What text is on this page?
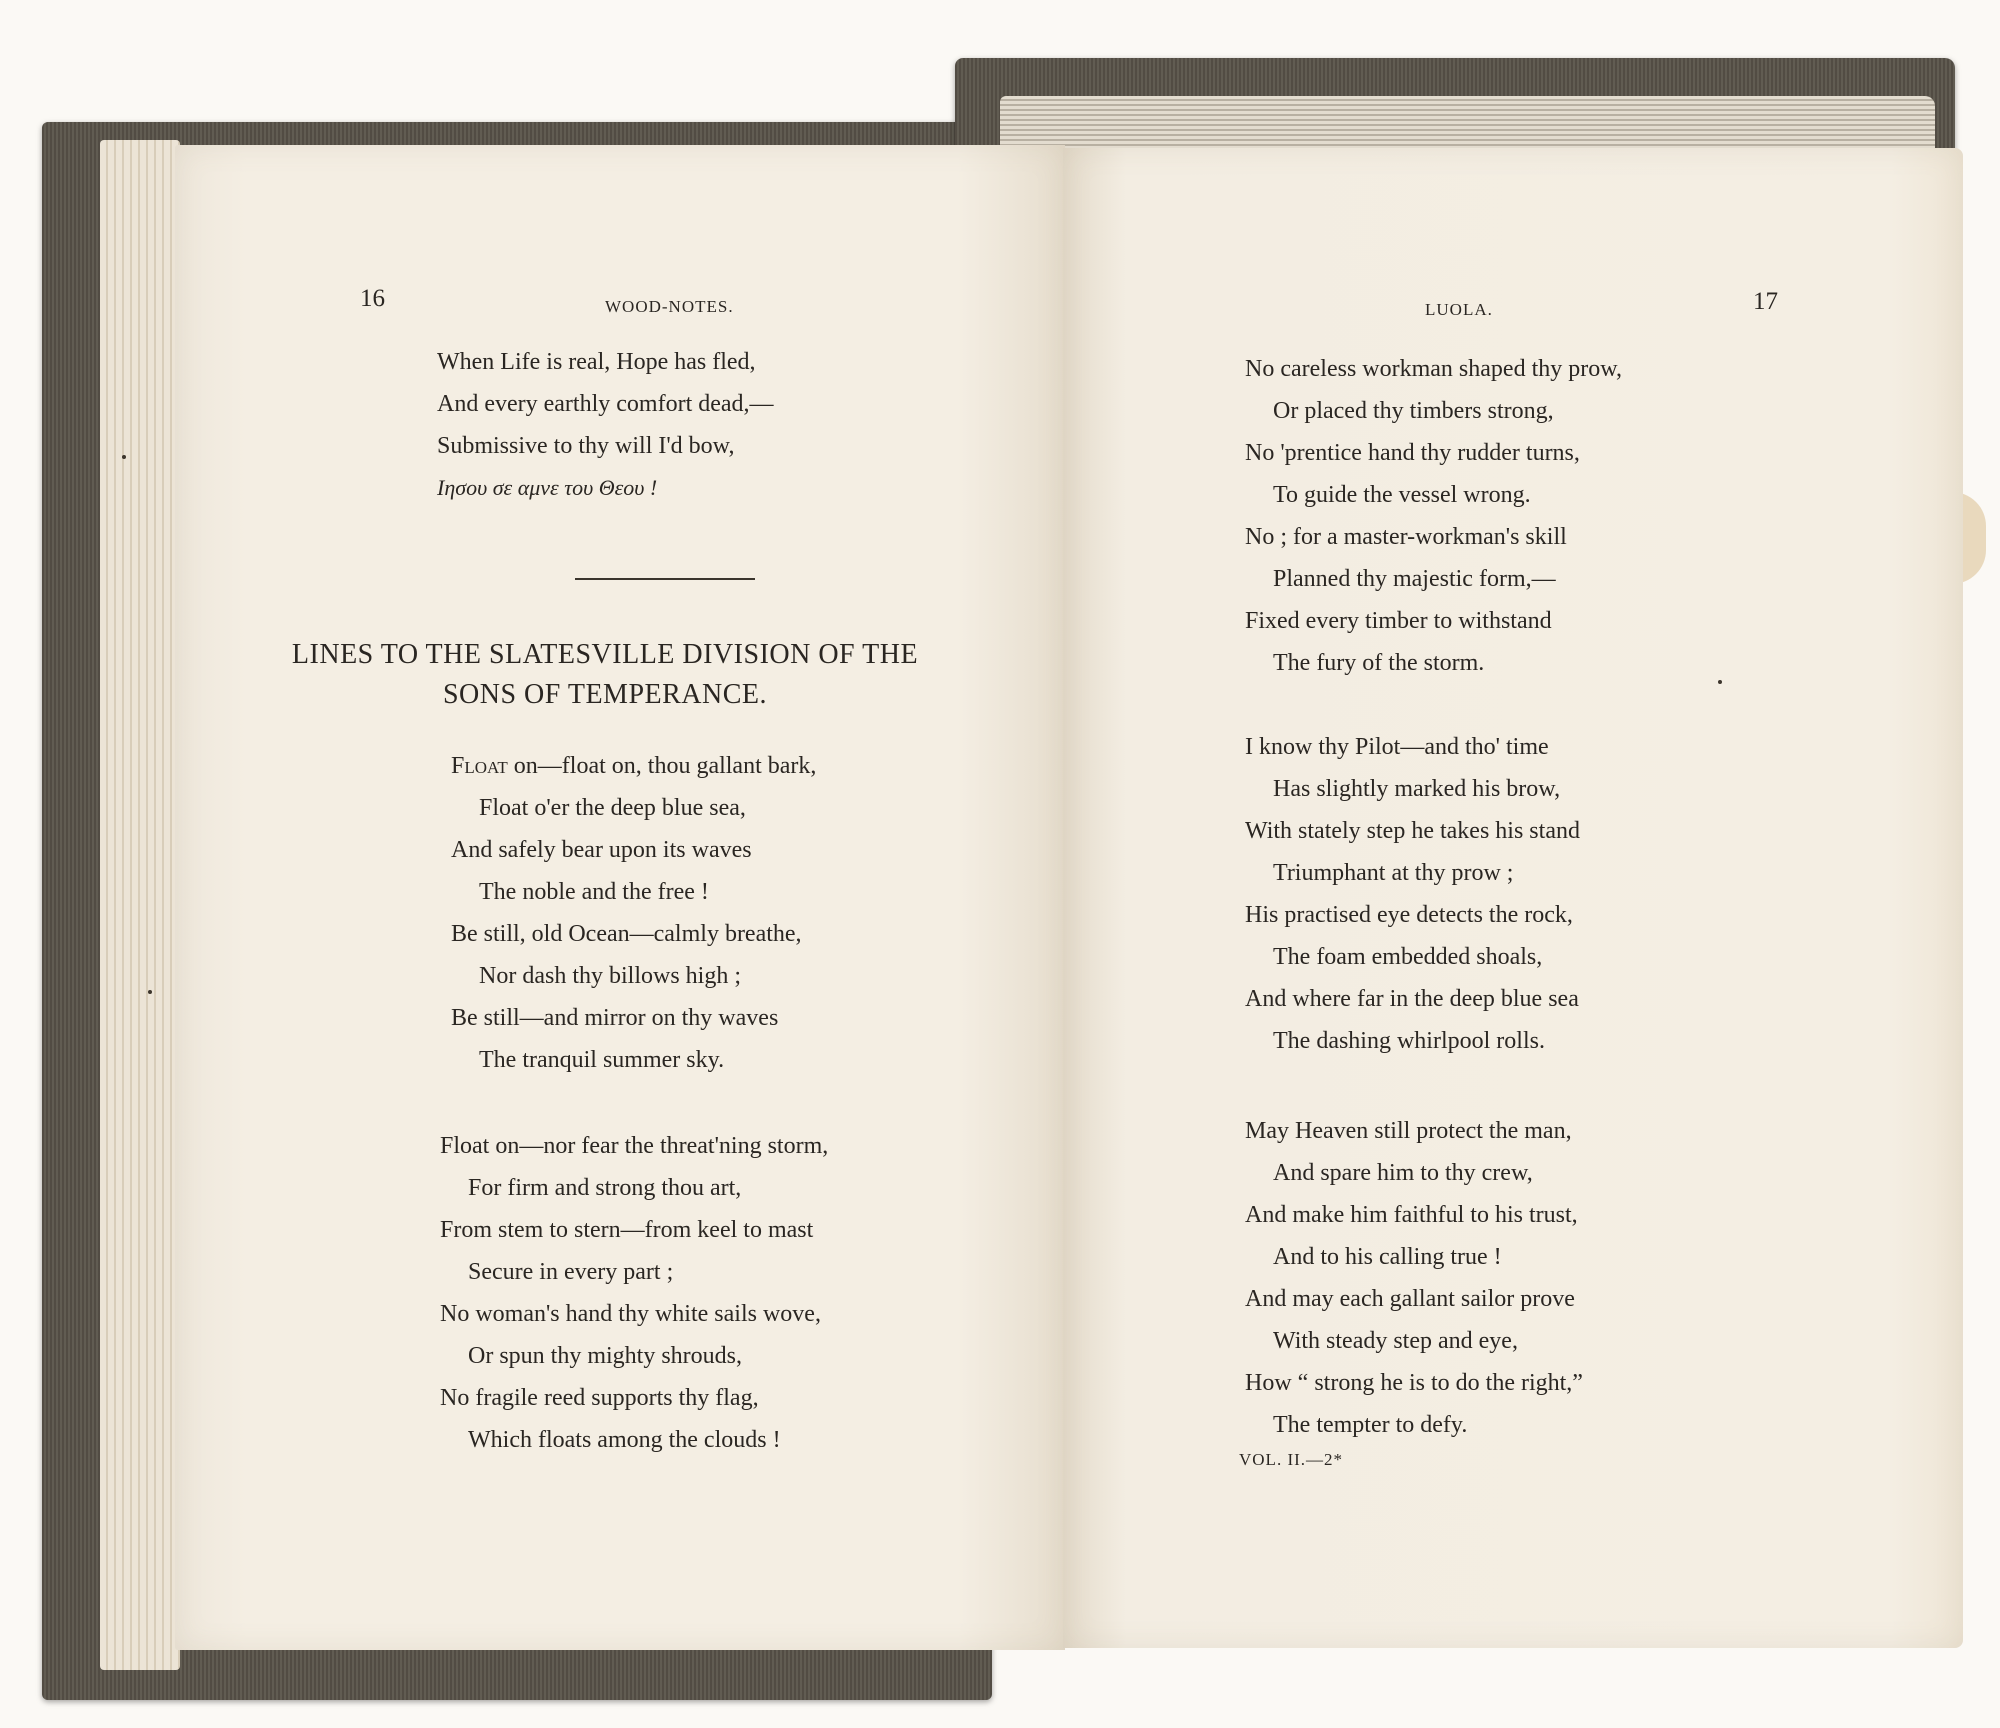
16	WOOD-NOTES.
When Life is real, Hope has fled,
And every earthly comfort dead,—
Submissive to thy will I'd bow,
Ιησου σε αμνε του Θεου !
LINES TO THE SLATESVILLE DIVISION OF THE
SONS OF TEMPERANCE.
Float on—float on, thou gallant bark,
Float o'er the deep blue sea,
And safely bear upon its waves
The noble and the free !
Be still, old Ocean—calmly breathe,
Nor dash thy billows high ;
Be still—and mirror on thy waves
The tranquil summer sky.
Float on—nor fear the threat'ning storm,
For firm and strong thou art,
From stem to stern—from keel to mast
Secure in every part ;
No woman's hand thy white sails wove,
Or spun thy mighty shrouds,
No fragile reed supports thy flag,
Which floats among the clouds !
LUOLA.	17
No careless workman shaped thy prow,
Or placed thy timbers strong,
No 'prentice hand thy rudder turns,
To guide the vessel wrong.
No ; for a master-workman's skill
Planned thy majestic form,—
Fixed every timber to withstand
The fury of the storm.
I know thy Pilot—and tho' time
Has slightly marked his brow,
With stately step he takes his stand
Triumphant at thy prow ;
His practised eye detects the rock,
The foam embedded shoals,
And where far in the deep blue sea
The dashing whirlpool rolls.
May Heaven still protect the man,
And spare him to thy crew,
And make him faithful to his trust,
And to his calling true !
And may each gallant sailor prove
With steady step and eye,
How “ strong he is to do the right,”
The tempter to defy.
VOL. II.—2*
